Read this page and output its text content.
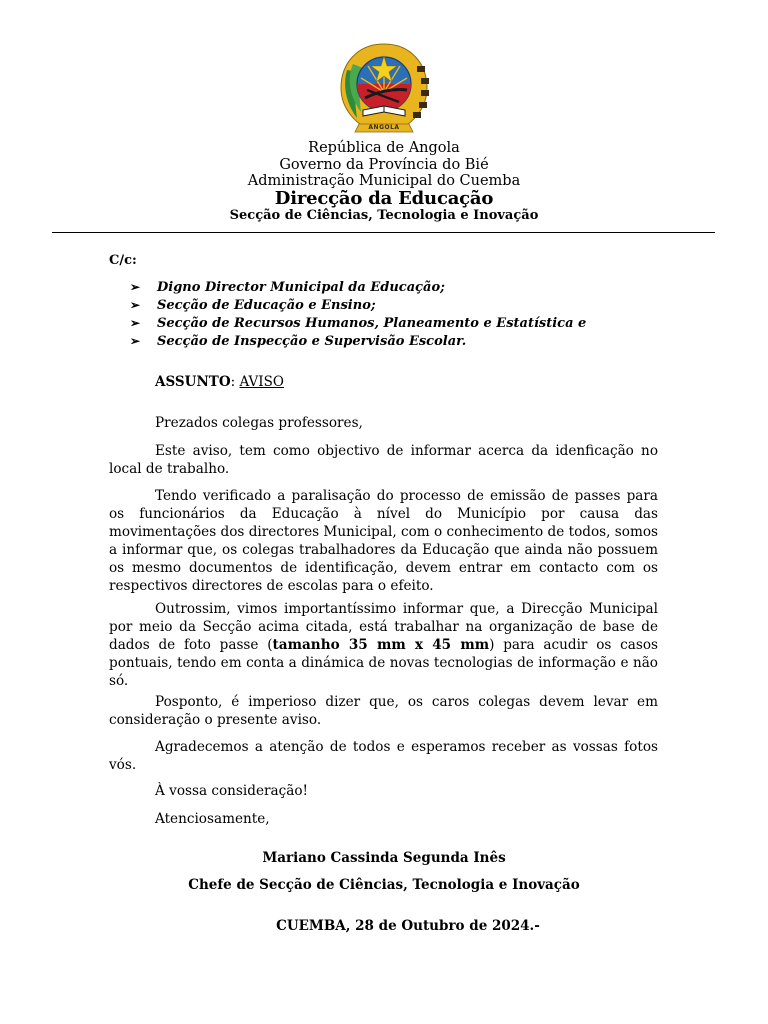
ANGOLA
República de Angola
Governo da Província do Bié
Administração Municipal do Cuemba
Direcção da Educação
Secção de Ciências, Tecnologia e Inovação
C/c:
➢ Digno Director Municipal da Educação;
➢ Secção de Educação e Ensino;
➢ Secção de Recursos Humanos, Planeamento e Estatística e
➢ Secção de Inspecção e Supervisão Escolar.
ASSUNTO: AVISO

Prezados colegas professores,

Este aviso, tem como objectivo de informar acerca da idenficação no local de trabalho.

Tendo verificado a paralisação do processo de emissão de passes para os funcionários da Educação à nível do Município por causa das movimentações dos directores Municipal, com o conhecimento de todos, somos a informar que, os colegas trabalhadores da Educação que ainda não possuem os mesmo documentos de identificação, devem entrar em contacto com os respectivos directores de escolas para o efeito.

Outrossim, vimos importantíssimo informar que, a Direcção Municipal por meio da Secção acima citada, está trabalhar na organização de base de dados de foto passe (tamanho 35 mm x 45 mm) para acudir os casos pontuais, tendo em conta a dinámica de novas tecnologias de informação e não só.

Posponto, é imperioso dizer que, os caros colegas devem levar em consideração o presente aviso.

Agradecemos a atenção de todos e esperamos receber as vossas fotos vós.

À vossa consideração!

Atenciosamente,

Mariano Cassinda Segunda Inês
Chefe de Secção de Ciências, Tecnologia e Inovação
CUEMBA, 28 de Outubro de 2024.-
